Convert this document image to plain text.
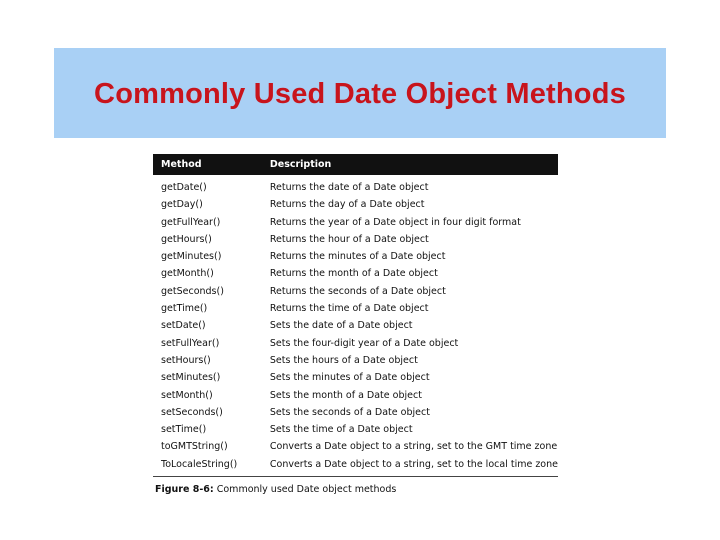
Commonly Used Date Object Methods
Method	Description
getDate()	Returns the date of a Date object
getDay()	Returns the day of a Date object
getFullYear()	Returns the year of a Date object in four digit format
getHours()	Returns the hour of a Date object
getMinutes()	Returns the minutes of a Date object
getMonth()	Returns the month of a Date object
getSeconds()	Returns the seconds of a Date object
getTime()	Returns the time of a Date object
setDate()	Sets the date of a Date object
setFullYear()	Sets the four-digit year of a Date object
setHours()	Sets the hours of a Date object
setMinutes()	Sets the minutes of a Date object
setMonth()	Sets the month of a Date object
setSeconds()	Sets the seconds of a Date object
setTime()	Sets the time of a Date object
toGMTString()	Converts a Date object to a string, set to the GMT time zone
ToLocaleString()	Converts a Date object to a string, set to the local time zone
Figure 8-6: Commonly used Date object methods
